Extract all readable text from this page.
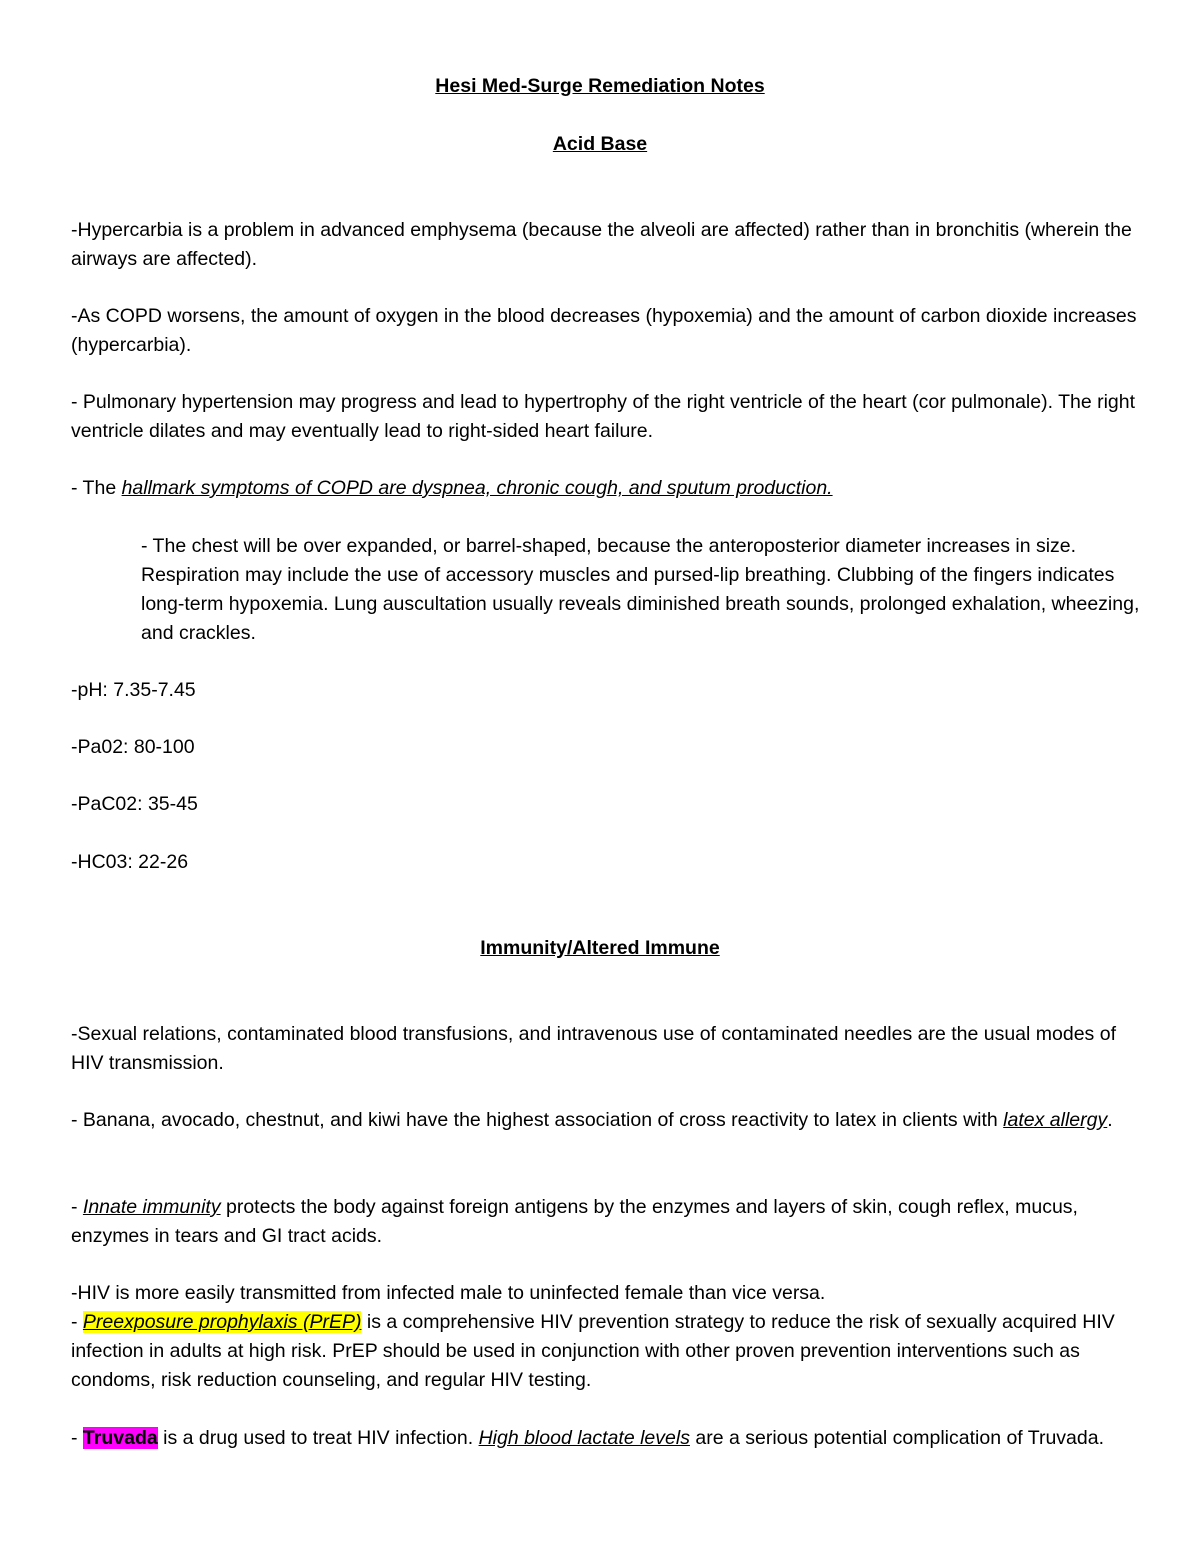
Hesi Med-Surge Remediation Notes
Acid Base

-Hypercarbia is a problem in advanced emphysema (because the alveoli are affected) rather than in bronchitis (wherein the airways are affected).

-As COPD worsens, the amount of oxygen in the blood decreases (hypoxemia) and the amount of carbon dioxide increases (hypercarbia).

- Pulmonary hypertension may progress and lead to hypertrophy of the right ventricle of the heart (cor pulmonale). The right ventricle dilates and may eventually lead to right-sided heart failure.

- The hallmark symptoms of COPD are dyspnea, chronic cough, and sputum production.

- The chest will be over expanded, or barrel-shaped, because the anteroposterior diameter increases in size. Respiration may include the use of accessory muscles and pursed-lip breathing. Clubbing of the fingers indicates long-term hypoxemia. Lung auscultation usually reveals diminished breath sounds, prolonged exhalation, wheezing, and crackles.

-pH: 7.35-7.45

-Pa02: 80-100

-PaC02: 35-45

-HC03: 22-26

Immunity/Altered Immune

-Sexual relations, contaminated blood transfusions, and intravenous use of contaminated needles are the usual modes of HIV transmission.

- Banana, avocado, chestnut, and kiwi have the highest association of cross reactivity to latex in clients with latex allergy.

- Innate immunity protects the body against foreign antigens by the enzymes and layers of skin, cough reflex, mucus, enzymes in tears and GI tract acids.

-HIV is more easily transmitted from infected male to uninfected female than vice versa.

- Preexposure prophylaxis (PrEP) is a comprehensive HIV prevention strategy to reduce the risk of sexually acquired HIV infection in adults at high risk. PrEP should be used in conjunction with other proven prevention interventions such as condoms, risk reduction counseling, and regular HIV testing.

- Truvada is a drug used to treat HIV infection. High blood lactate levels are a serious potential complication of Truvada.
